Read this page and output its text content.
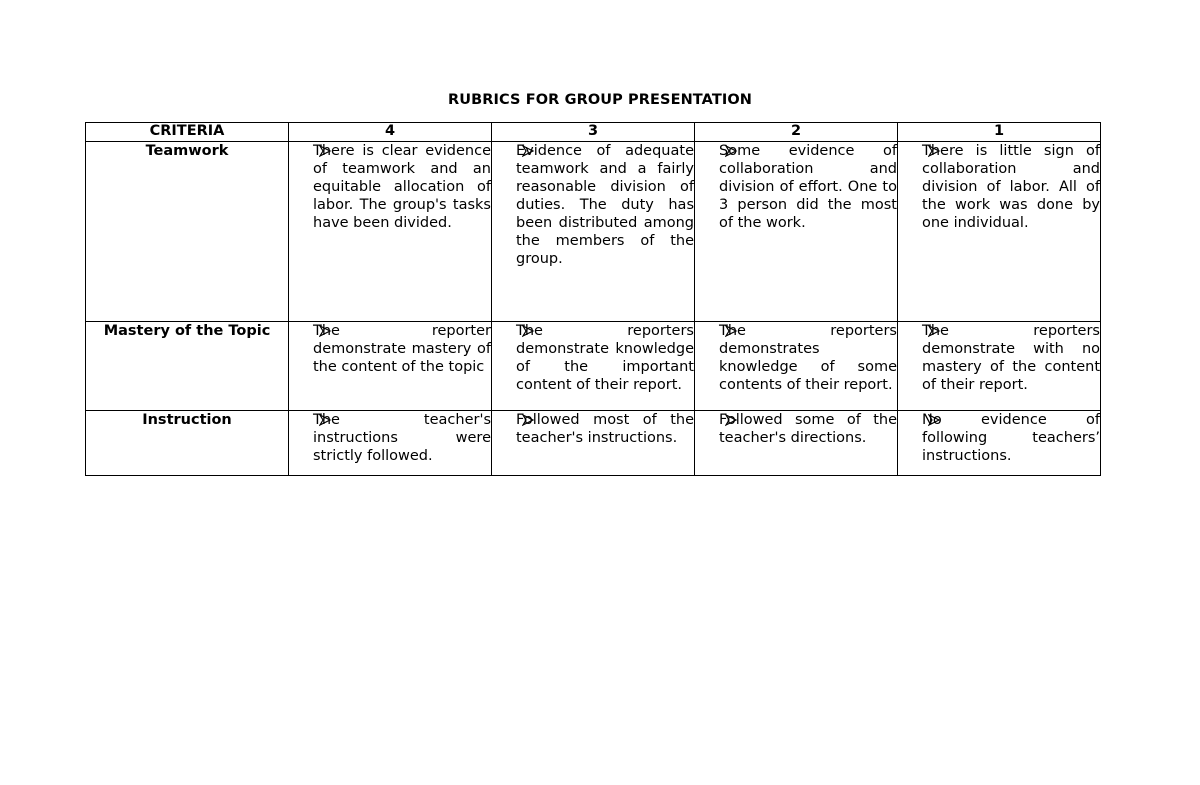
RUBRICS FOR GROUP PRESENTATION
CRITERIA	4	3	2	1
Teamwork	There is clear evidence of teamwork and an equitable allocation of labor. The group's tasks have been divided.	Evidence of adequate teamwork and a fairly reasonable division of duties. The duty has been distributed among the members of the group.	Some evidence of collaboration and division of effort. One to 3 person did the most of the work.	There is little sign of collaboration and division of labor. All of the work was done by one individual.

Mastery of the Topic	The reporter demonstrate mastery of the content of the topic	The reporters demonstrate knowledge of the important content of their report.	The reporters demonstrates knowledge of some contents of their report.	The reporters demonstrate with no mastery of the content of their report.

Instruction	The teacher's instructions were strictly followed.	Followed most of the teacher's instructions.	Followed some of the teacher's directions.	No evidence of following teachers’ instructions.
